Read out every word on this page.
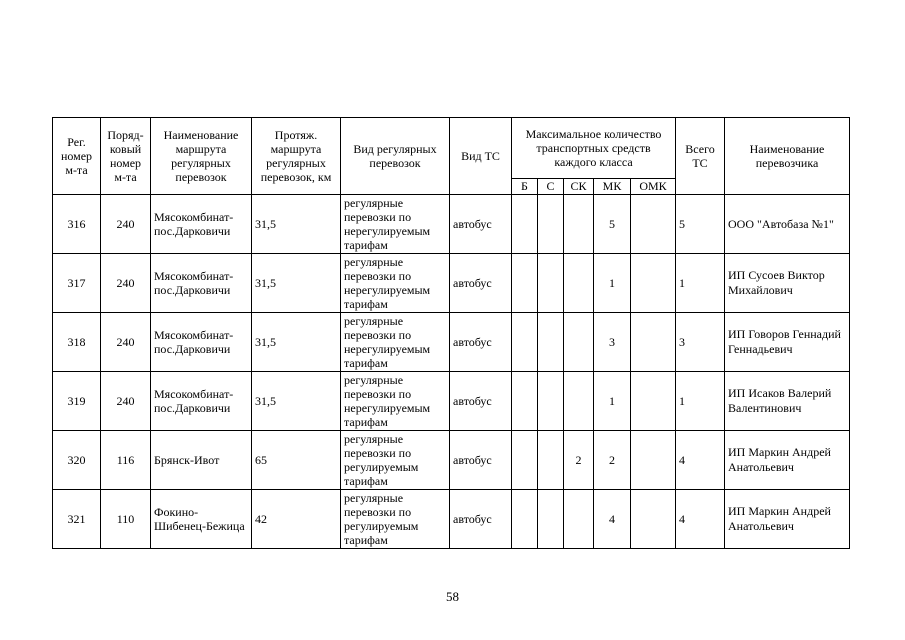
Рег. номер м-та	Поряд-ковый номер м-та	Наименование маршрута регулярных перевозок	Протяж. маршрута регулярных перевозок, км	Вид регулярных перевозок	Вид ТС	Максимальное количество транспортных средств каждого класса					Всего ТС	Наименование перевозчика
						Б	С	СК	МК	ОМК		
316	240	Мясокомбинат-пос.Дарковичи	31,5	регулярные перевозки по нерегулируемым тарифам	автобус				5		5	ООО "Автобаза №1"
317	240	Мясокомбинат-пос.Дарковичи	31,5	регулярные перевозки по нерегулируемым тарифам	автобус				1		1	ИП Сусоев Виктор Михайлович
318	240	Мясокомбинат-пос.Дарковичи	31,5	регулярные перевозки по нерегулируемым тарифам	автобус				3		3	ИП Говоров Геннадий Геннадьевич
319	240	Мясокомбинат-пос.Дарковичи	31,5	регулярные перевозки по нерегулируемым тарифам	автобус				1		1	ИП Исаков Валерий Валентинович
320	116	Брянск-Ивот	65	регулярные перевозки по регулируемым тарифам	автобус			2	2		4	ИП Маркин Андрей Анатольевич
321	110	Фокино-Шибенец-Бежица	42	регулярные перевозки по регулируемым тарифам	автобус				4		4	ИП Маркин Андрей Анатольевич
58
